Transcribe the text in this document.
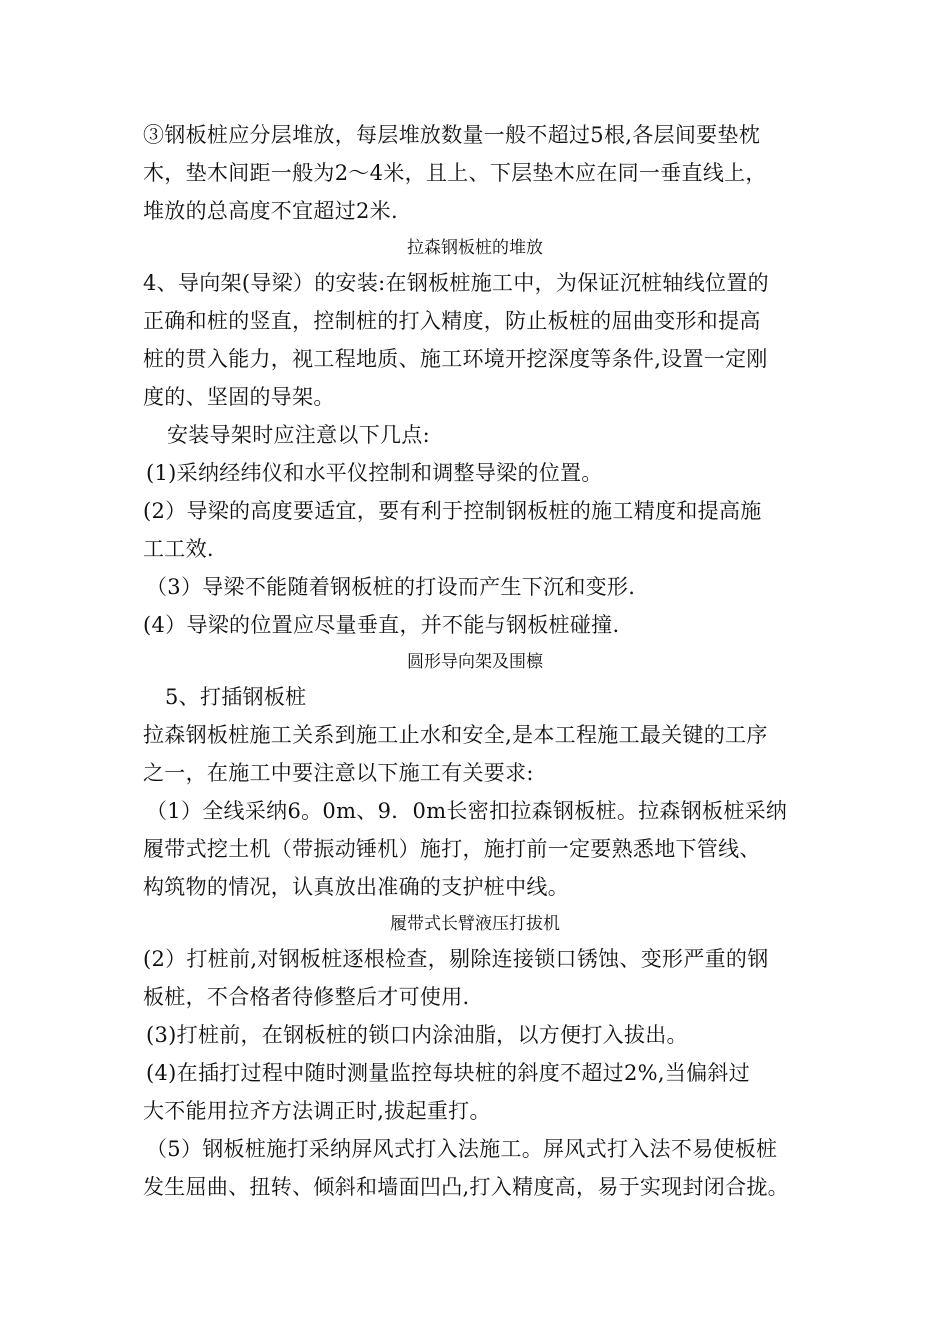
③钢板桩应分层堆放，每层堆放数量一般不超过5根,各层间要垫枕
木，垫木间距一般为2～4米，且上、下层垫木应在同一垂直线上，
堆放的总高度不宜超过2米.
拉森钢板桩的堆放
4、导向架(导梁）的安装:在钢板桩施工中，为保证沉桩轴线位置的
正确和桩的竖直，控制桩的打入精度，防止板桩的屈曲变形和提高
桩的贯入能力，视工程地质、施工环境开挖深度等条件,设置一定刚
度的、坚固的导架。
安装导架时应注意以下几点:
(1)采纳经纬仪和水平仪控制和调整导梁的位置。
(2）导梁的高度要适宜，要有利于控制钢板桩的施工精度和提高施
工工效.
（3）导梁不能随着钢板桩的打设而产生下沉和变形.
(4）导梁的位置应尽量垂直，并不能与钢板桩碰撞.
圆形导向架及围檩
5、打插钢板桩
拉森钢板桩施工关系到施工止水和安全,是本工程施工最关键的工序
之一，在施工中要注意以下施工有关要求:
（1）全线采纳6。0m、9．0m长密扣拉森钢板桩。拉森钢板桩采纳
履带式挖土机（带振动锤机）施打，施打前一定要熟悉地下管线、
构筑物的情况，认真放出准确的支护桩中线。
履带式长臂液压打拔机
(2）打桩前,对钢板桩逐根检查，剔除连接锁口锈蚀、变形严重的钢
板桩，不合格者待修整后才可使用.
(3)打桩前，在钢板桩的锁口内涂油脂，以方便打入拔出。
(4)在插打过程中随时测量监控每块桩的斜度不超过2%,当偏斜过
大不能用拉齐方法调正时,拔起重打。
（5）钢板桩施打采纳屏风式打入法施工。屏风式打入法不易使板桩
发生屈曲、扭转、倾斜和墙面凹凸,打入精度高，易于实现封闭合拢。
